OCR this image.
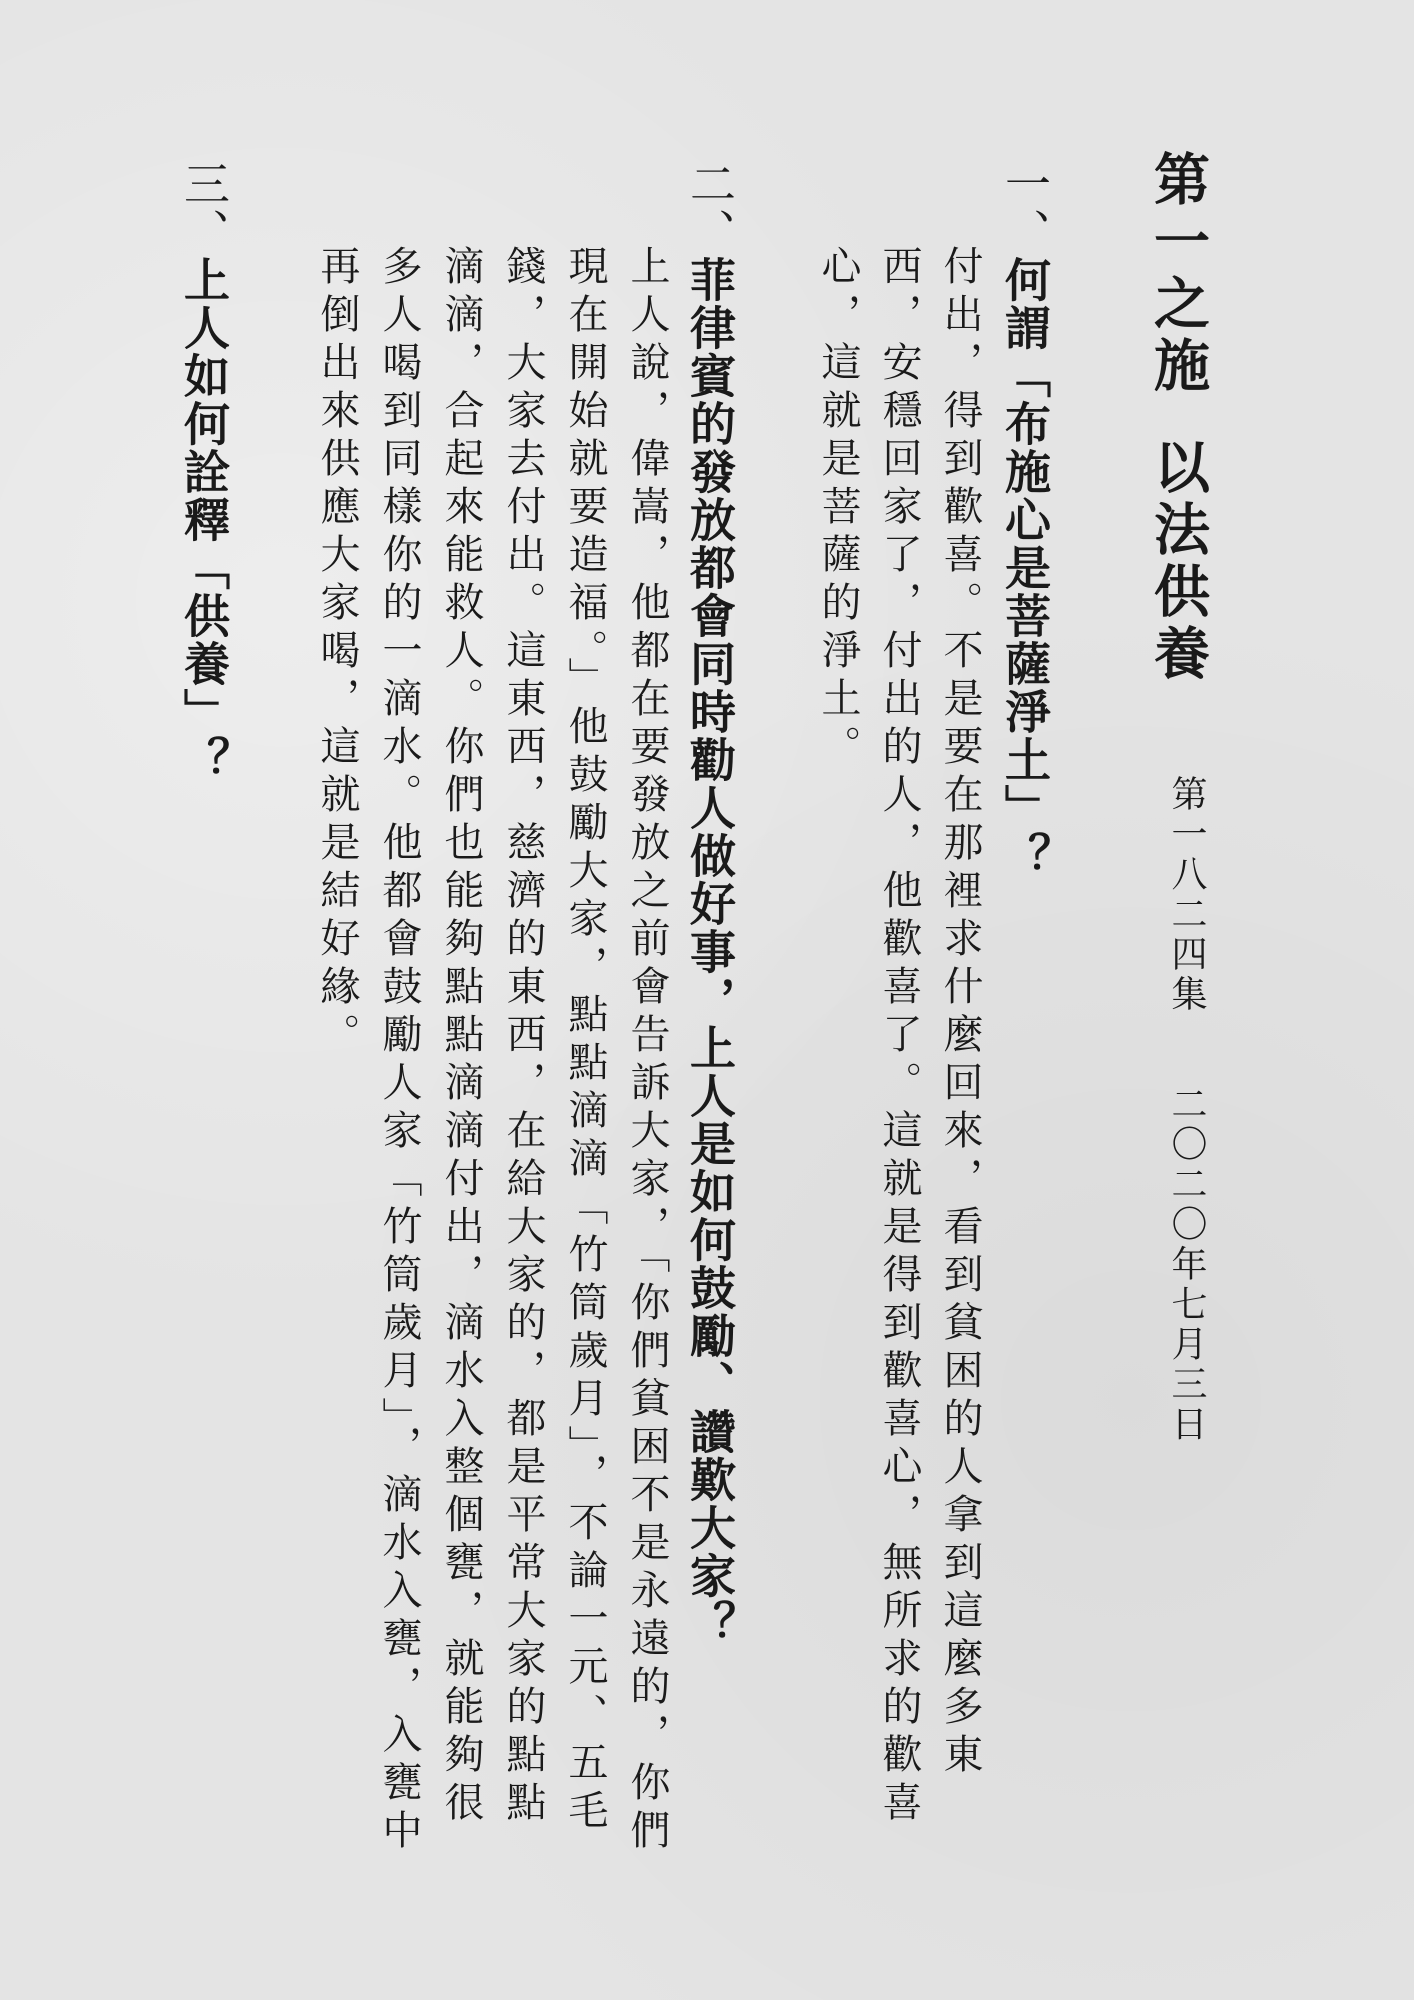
第一之施以法供養
第一八二四集二〇二〇年七月三日
一、何謂「布施心是菩薩淨土」？

付出，得到歡喜。不是要在那裡求什麼回來，看到貧困的人拿到這麼多東

西，安穩回家了，付出的人，他歡喜了。這就是得到歡喜心，無所求的歡喜

心，這就是菩薩的淨土。

二、菲律賓的發放都會同時勸人做好事，上人是如何鼓勵、讚歎大家？

上人說，偉嵩，他都在要發放之前會告訴大家，「你們貧困不是永遠的，你們

現在開始就要造福。」他鼓勵大家，點點滴滴「竹筒歲月」，不論一元、五毛

錢，大家去付出。這東西，慈濟的東西，在給大家的，都是平常大家的點點

滴滴，合起來能救人。你們也能夠點點滴滴付出，滴水入整個甕，就能夠很

多人喝到同樣你的一滴水。他都會鼓勵人家「竹筒歲月」，滴水入甕，入甕中

再倒出來供應大家喝，這就是結好緣。

三、上人如何詮釋「供養」？
